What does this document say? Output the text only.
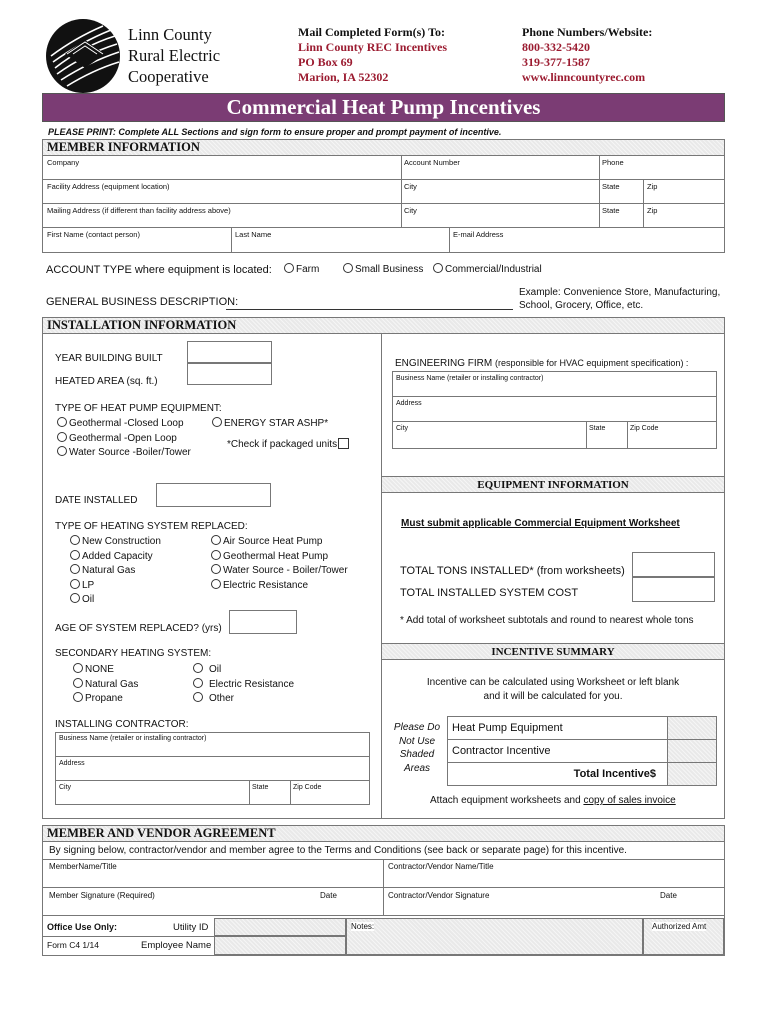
Linn County
Rural Electric
Cooperative
Mail Completed Form(s) To:
Linn County REC Incentives
PO Box 69
Marion, IA 52302
Phone Numbers/Website:
800-332-5420
319-377-1587
www.linncountyrec.com
Commercial Heat Pump Incentives
PLEASE PRINT: Complete ALL Sections and sign form to ensure proper and prompt payment of incentive.
MEMBER INFORMATION
Company	Account Number	Phone
Facility Address (equipment location)	City	State	Zip
Mailing Address (if different than facility address above)	City	State	Zip
First Name (contact person)	Last Name	E-mail Address
ACCOUNT TYPE where equipment is located:	Farm	Small Business	Commercial/Industrial
GENERAL BUSINESS DESCRIPTION:
Example: Convenience Store, Manufacturing,
School, Grocery, Office, etc.
INSTALLATION INFORMATION
YEAR BUILDING BUILT
HEATED AREA (sq. ft.)
TYPE OF HEAT PUMP EQUIPMENT:
Geothermal -Closed Loop
Geothermal -Open Loop
Water Source -Boiler/Tower
ENERGY STAR ASHP*
*Check if packaged units
DATE INSTALLED
TYPE OF HEATING SYSTEM REPLACED:
New Construction
Added Capacity
Natural Gas
LP
Oil
Air Source Heat Pump
Geothermal Heat Pump
Water Source - Boiler/Tower
Electric Resistance
AGE OF SYSTEM REPLACED? (yrs)
SECONDARY HEATING SYSTEM:
NONE
Natural Gas
Propane
Oil
Electric Resistance
Other
INSTALLING CONTRACTOR:
Business Name (retailer or installing contractor)
Address
City	State	Zip Code
ENGINEERING FIRM (responsible for HVAC equipment specification) :
Business Name (retailer or installing contractor)
Address
City	State	Zip Code
EQUIPMENT INFORMATION
Must submit applicable Commercial Equipment Worksheet
TOTAL TONS INSTALLED* (from worksheets)
TOTAL INSTALLED SYSTEM COST
* Add total of worksheet subtotals and round to nearest whole tons
INCENTIVE SUMMARY
Incentive can be calculated using Worksheet or left blank
and it will be calculated for you.
Please Do
Not Use
Shaded
Areas
Heat Pump Equipment
Contractor Incentive
Total Incentive$
Attach equipment worksheets and copy of sales invoice
MEMBER AND VENDOR AGREEMENT
By signing below, contractor/vendor and member agree to the Terms and Conditions (see back or separate page) for this incentive.
MemberName/Title	Contractor/Vendor Name/Title
Member Signature (Required)	Date	Contractor/Vendor Signature	Date
Office Use Only:	Utility ID
Form C4 1/14	Employee Name
Notes:	Authorized Amt
